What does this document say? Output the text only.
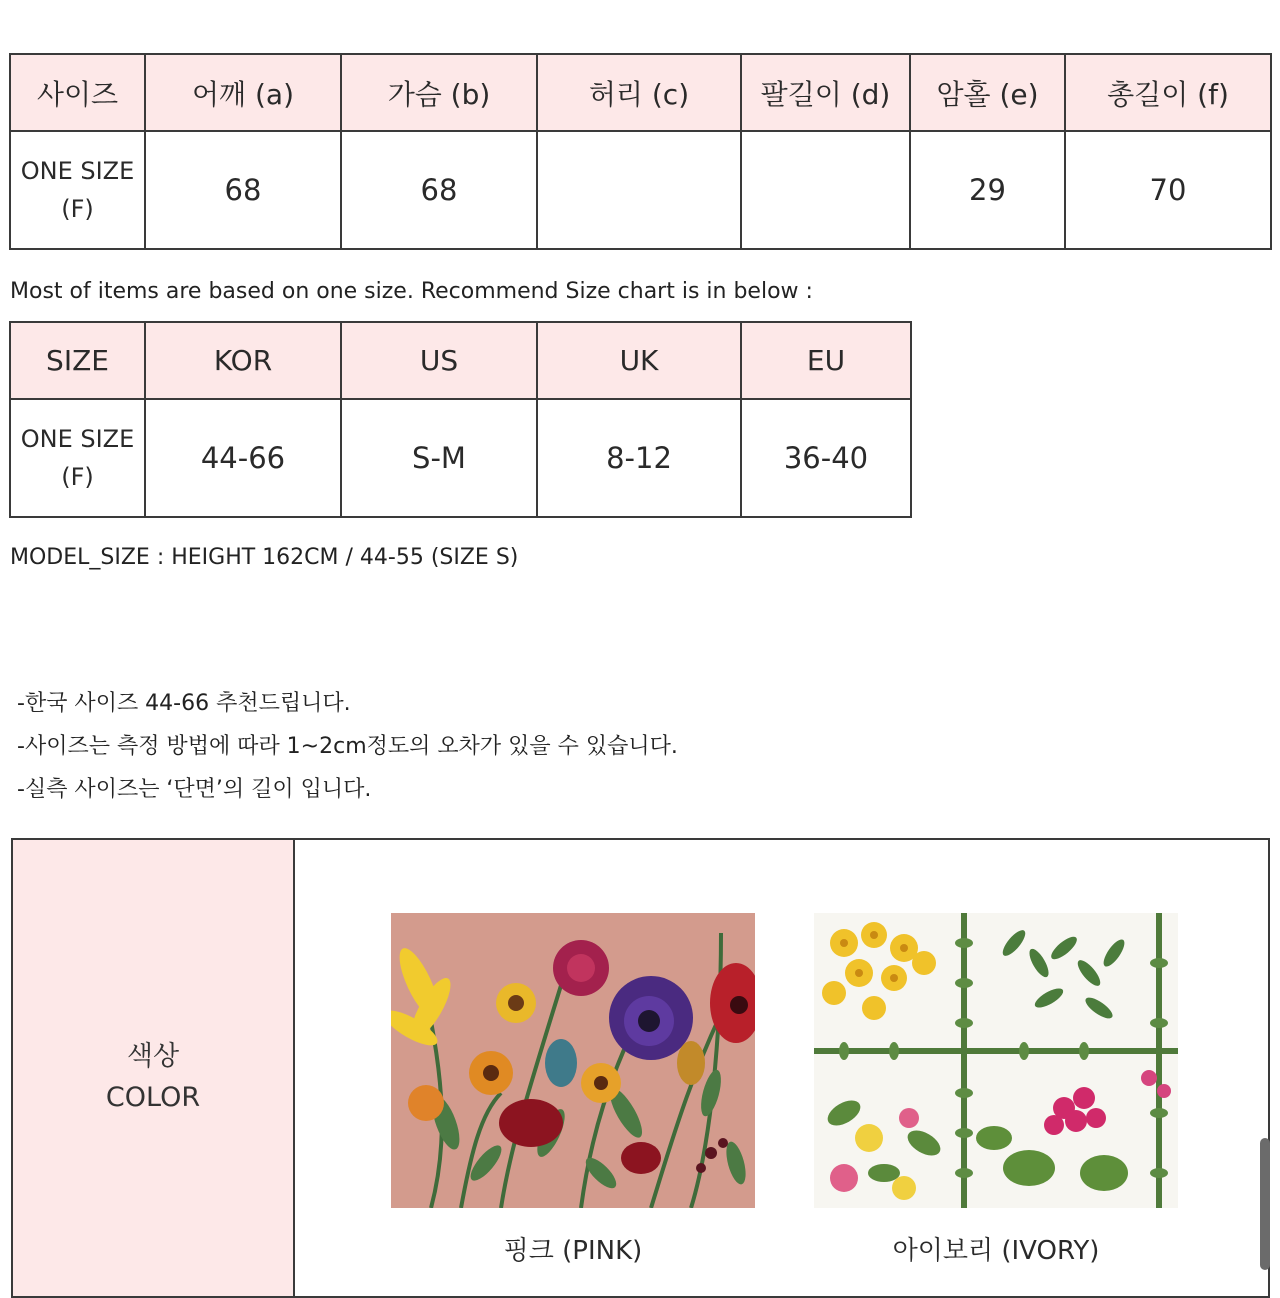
사이즈	어깨 (a)	가슴 (b)	허리 (c)	팔길이 (d)	암홀 (e)	총길이 (f)

ONE SIZE
(F)	68	68			29	70
Most of items are based on one size. Recommend Size chart is in below :
SIZE	KOR	US	UK	EU

ONE SIZE
(F)	44-66	S-M	8-12	36-40
MODEL_SIZE : HEIGHT 162CM / 44-55 (SIZE S)
-한국 사이즈 44-66 추천드립니다.
-사이즈는 측정 방법에 따라 1~2cm정도의 오차가 있을 수 있습니다.
-실측 사이즈는 ‘단면’의 길이 입니다.
색상
COLOR
핑크 (PINK)	아이보리 (IVORY)
